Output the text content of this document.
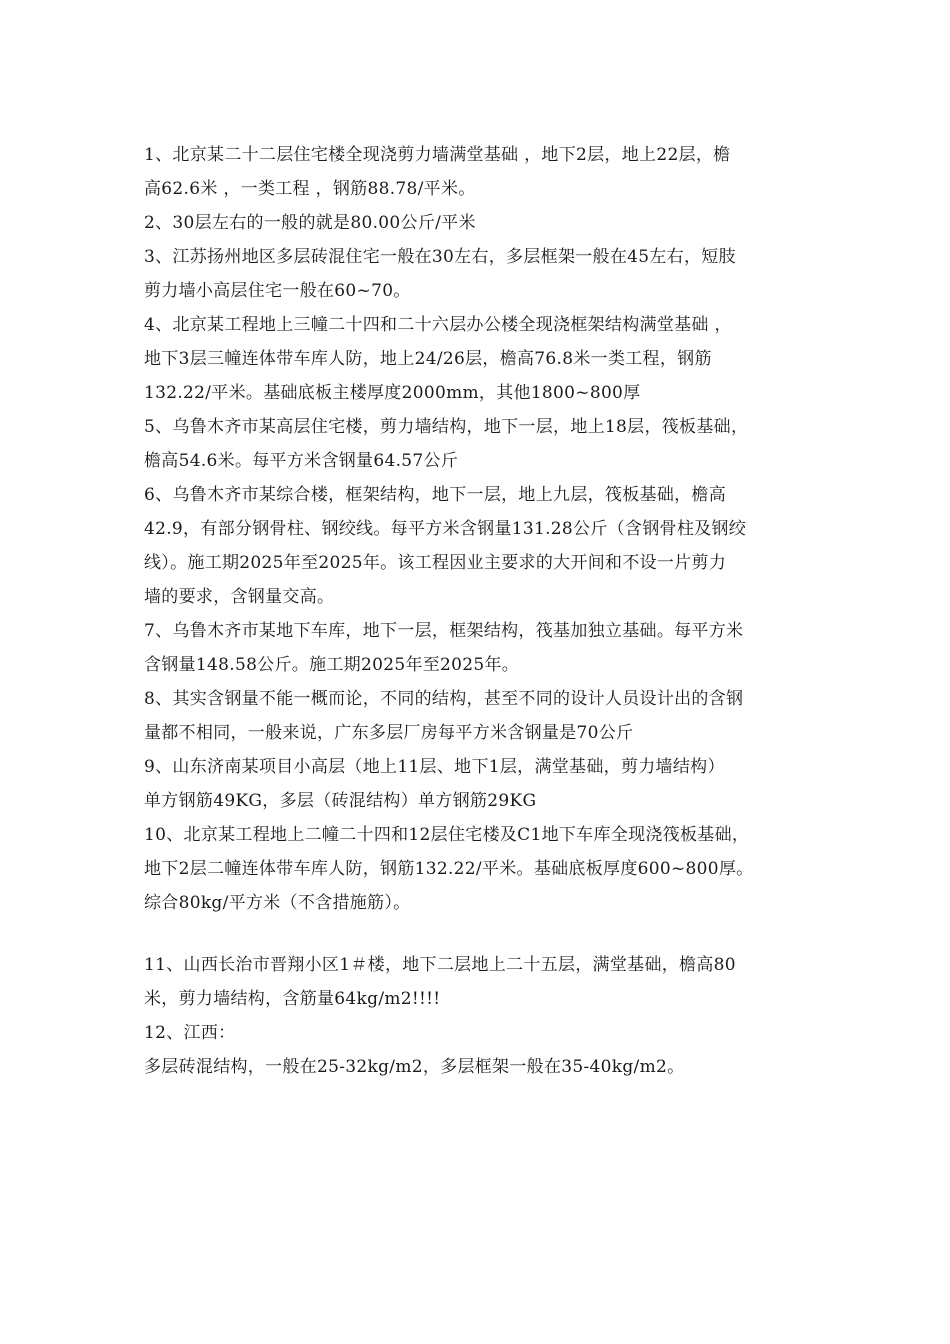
1、北京某二十二层住宅楼全现浇剪力墙满堂基础 ，地下2层，地上22层，檐
高62.6米 ，一类工程 ，钢筋88.78/平米。
2、30层左右的一般的就是80.00公斤/平米
3、江苏扬州地区多层砖混住宅一般在30左右，多层框架一般在45左右，短肢
剪力墙小高层住宅一般在60~70。
4、北京某工程地上三幢二十四和二十六层办公楼全现浇框架结构满堂基础 ，
地下3层三幢连体带车库人防，地上24/26层，檐高76.8米一类工程，钢筋
132.22/平米。基础底板主楼厚度2000mm，其他1800~800厚
5、乌鲁木齐市某高层住宅楼，剪力墙结构，地下一层，地上18层，筏板基础，
檐高54.6米。每平方米含钢量64.57公斤
6、乌鲁木齐市某综合楼，框架结构，地下一层，地上九层，筏板基础，檐高
42.9，有部分钢骨柱、钢绞线。每平方米含钢量131.28公斤（含钢骨柱及钢绞
线）。施工期2025年至2025年。该工程因业主要求的大开间和不设一片剪力
墙的要求，含钢量交高。
7、乌鲁木齐市某地下车库，地下一层，框架结构，筏基加独立基础。每平方米
含钢量148.58公斤。施工期2025年至2025年。
8、其实含钢量不能一概而论，不同的结构，甚至不同的设计人员设计出的含钢
量都不相同，一般来说，广东多层厂房每平方米含钢量是70公斤
9、山东济南某项目小高层（地上11层、地下1层，满堂基础，剪力墙结构）
单方钢筋49KG，多层（砖混结构）单方钢筋29KG
10、北京某工程地上二幢二十四和12层住宅楼及C1地下车库全现浇筏板基础，
地下2层二幢连体带车库人防，钢筋132.22/平米。基础底板厚度600~800厚。
综合80kg/平方米（不含措施筋）。
11、山西长治市晋翔小区1＃楼，地下二层地上二十五层，满堂基础，檐高80
米，剪力墙结构，含筋量64kg/m2!!!!
12、江西：
多层砖混结构，一般在25-32kg/m2，多层框架一般在35-40kg/m2。
